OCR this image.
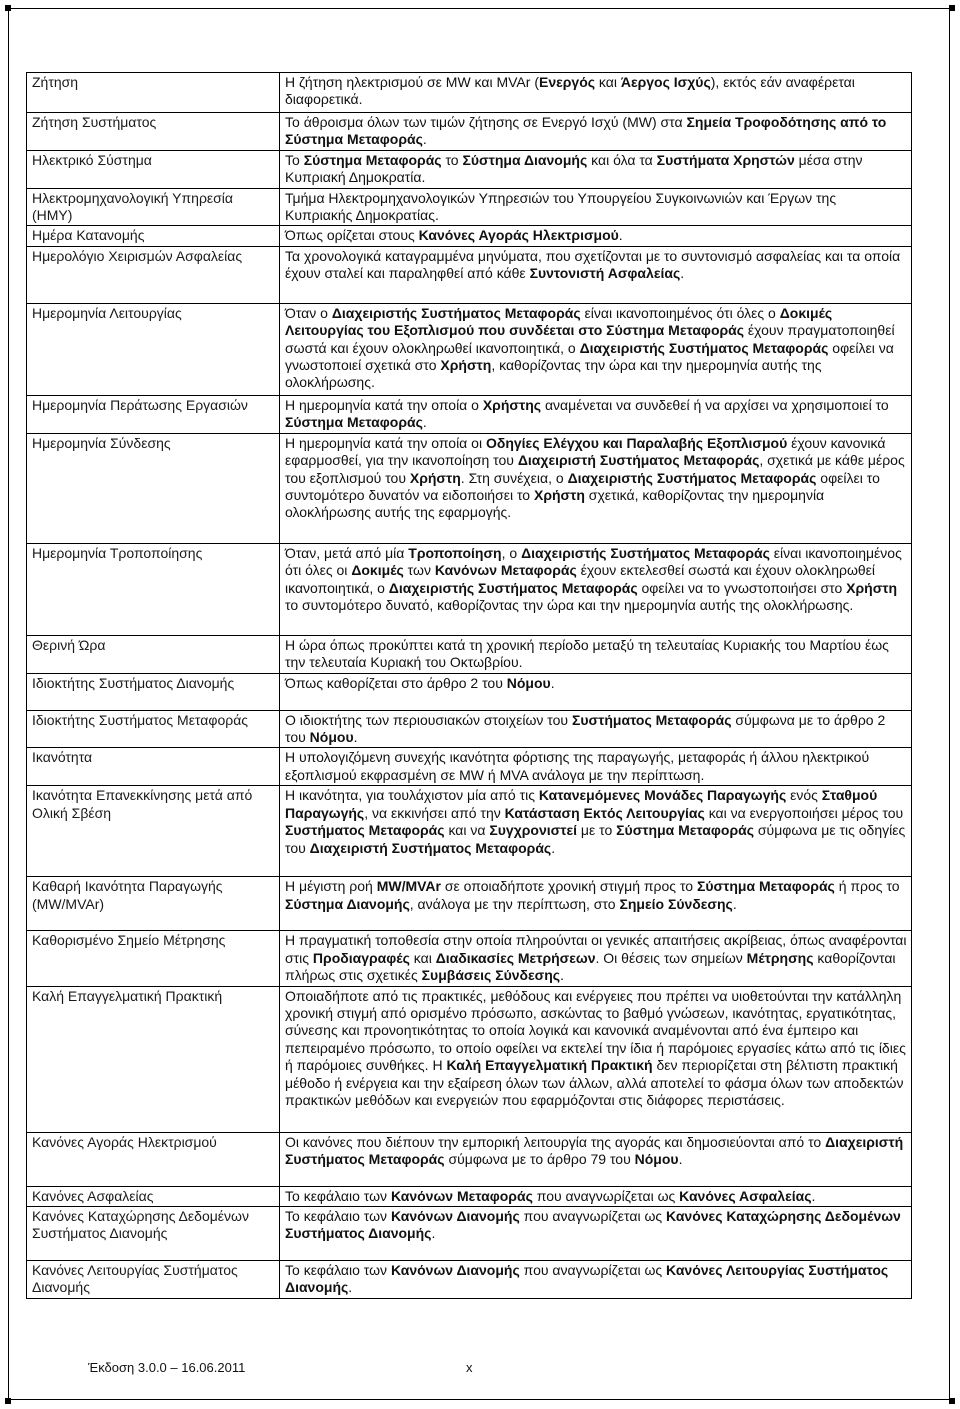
Ζήτηση	Η ζήτηση ηλεκτρισμού σε MW και MVAr (Ενεργός και Άεργος Ισχύς), εκτός εάν αναφέρεται διαφορετικά.
Ζήτηση Συστήματος	Το άθροισμα όλων των τιμών ζήτησης σε Ενεργό Ισχύ (MW) στα Σημεία Τροφοδότησης από το Σύστημα Μεταφοράς.
Ηλεκτρικό Σύστημα	Το Σύστημα Μεταφοράς το Σύστημα Διανομής και όλα τα Συστήματα Χρηστών μέσα στην Κυπριακή Δημοκρατία.
Ηλεκτρομηχανολογική Υπηρεσία (ΗΜΥ)	Τμήμα Ηλεκτρομηχανολογικών Υπηρεσιών του Υπουργείου Συγκοινωνιών και Έργων της Κυπριακής Δημοκρατίας.
Ημέρα Κατανομής	Όπως ορίζεται στους Κανόνες Αγοράς Ηλεκτρισμού.
Ημερολόγιο Χειρισμών Ασφαλείας	Τα χρονολογικά καταγραμμένα μηνύματα, που σχετίζονται με το συντονισμό ασφαλείας και τα οποία έχουν σταλεί και παραληφθεί από κάθε Συντονιστή Ασφαλείας.
Ημερομηνία Λειτουργίας	Όταν ο Διαχειριστής Συστήματος Μεταφοράς είναι ικανοποιημένος ότι όλες ο Δοκιμές Λειτουργίας του Εξοπλισμού που συνδέεται στο Σύστημα Μεταφοράς έχουν πραγματοποιηθεί σωστά και έχουν ολοκληρωθεί ικανοποιητικά, ο Διαχειριστής Συστήματος Μεταφοράς οφείλει να γνωστοποιεί σχετικά στο Χρήστη, καθορίζοντας την ώρα και την ημερομηνία αυτής της ολοκλήρωσης.
Ημερομηνία Περάτωσης Εργασιών	Η ημερομηνία κατά την οποία ο Χρήστης αναμένεται να συνδεθεί ή να αρχίσει να χρησιμοποιεί το Σύστημα Μεταφοράς.
Ημερομηνία Σύνδεσης	Η ημερομηνία κατά την οποία οι Οδηγίες Ελέγχου και Παραλαβής Εξοπλισμού έχουν κανονικά εφαρμοσθεί, για την ικανοποίηση του Διαχειριστή Συστήματος Μεταφοράς, σχετικά με κάθε μέρος του εξοπλισμού του Χρήστη. Στη συνέχεια, ο Διαχειριστής Συστήματος Μεταφοράς οφείλει το συντομότερο δυνατόν να ειδοποιήσει το Χρήστη σχετικά, καθορίζοντας την ημερομηνία ολοκλήρωσης αυτής της εφαρμογής.
Ημερομηνία Τροποποίησης	Όταν, μετά από μία Τροποποίηση, ο Διαχειριστής Συστήματος Μεταφοράς είναι ικανοποιημένος ότι όλες οι Δοκιμές των Κανόνων Μεταφοράς έχουν εκτελεσθεί σωστά και έχουν ολοκληρωθεί ικανοποιητικά, ο Διαχειριστής Συστήματος Μεταφοράς οφείλει να το γνωστοποιήσει στο Χρήστη το συντομότερο δυνατό, καθορίζοντας την ώρα και την ημερομηνία αυτής της ολοκλήρωσης.
Θερινή Ώρα	Η ώρα όπως προκύπτει κατά τη χρονική περίοδο μεταξύ τη τελευταίας Κυριακής του Μαρτίου έως την τελευταία Κυριακή του Οκτωβρίου.
Ιδιοκτήτης Συστήματος Διανομής	Όπως καθορίζεται στο άρθρο 2 του Νόμου.
Ιδιοκτήτης Συστήματος Μεταφοράς	Ο ιδιοκτήτης των περιουσιακών στοιχείων του Συστήματος Μεταφοράς σύμφωνα με το άρθρο 2 του Νόμου.
Ικανότητα	Η υπολογιζόμενη συνεχής ικανότητα φόρτισης της παραγωγής, μεταφοράς ή άλλου ηλεκτρικού εξοπλισμού εκφρασμένη σε MW ή MVA ανάλογα με την περίπτωση.
Ικανότητα Επανεκκίνησης μετά από Ολική Σβέση	Η ικανότητα, για τουλάχιστον μία από τις Κατανεμόμενες Μονάδες Παραγωγής ενός Σταθμού Παραγωγής, να εκκινήσει από την Κατάσταση Εκτός Λειτουργίας και να ενεργοποιήσει μέρος του Συστήματος Μεταφοράς και να Συγχρονιστεί με το Σύστημα Μεταφοράς σύμφωνα με τις οδηγίες του Διαχειριστή Συστήματος Μεταφοράς.
Καθαρή Ικανότητα Παραγωγής (MW/MVAr)	Η μέγιστη ροή MW/MVAr σε οποιαδήποτε χρονική στιγμή προς το Σύστημα Μεταφοράς ή προς το Σύστημα Διανομής, ανάλογα με την περίπτωση, στο Σημείο Σύνδεσης.
Καθορισμένο Σημείο Μέτρησης	Η πραγματική τοποθεσία στην οποία πληρούνται οι γενικές απαιτήσεις ακρίβειας, όπως αναφέρονται στις Προδιαγραφές και Διαδικασίες Μετρήσεων. Οι θέσεις των σημείων Μέτρησης καθορίζονται πλήρως στις σχετικές Συμβάσεις Σύνδεσης.
Καλή Επαγγελματική Πρακτική	Οποιαδήποτε από τις πρακτικές, μεθόδους και ενέργειες που πρέπει να υιοθετούνται την κατάλληλη χρονική στιγμή από ορισμένο πρόσωπο, ασκώντας το βαθμό γνώσεων, ικανότητας, εργατικότητας, σύνεσης και προνοητικότητας το οποία λογικά και κανονικά αναμένονται από ένα έμπειρο και πεπειραμένο πρόσωπο, το οποίο οφείλει να εκτελεί την ίδια ή παρόμοιες εργασίες κάτω από τις ίδιες ή παρόμοιες συνθήκες. Η Καλή Επαγγελματική Πρακτική δεν περιορίζεται στη βέλτιστη πρακτική μέθοδο ή ενέργεια και την εξαίρεση όλων των άλλων, αλλά αποτελεί το φάσμα όλων των αποδεκτών πρακτικών μεθόδων και ενεργειών που εφαρμόζονται στις διάφορες περιστάσεις.
Κανόνες Αγοράς Ηλεκτρισμού	Οι κανόνες που διέπουν την εμπορική λειτουργία της αγοράς και δημοσιεύονται από το Διαχειριστή Συστήματος Μεταφοράς σύμφωνα με το άρθρο 79 του Νόμου.
Κανόνες Ασφαλείας	Το κεφάλαιο των Κανόνων Μεταφοράς που αναγνωρίζεται ως Κανόνες Ασφαλείας.
Κανόνες Καταχώρησης Δεδομένων Συστήματος Διανομής	Το κεφάλαιο των Κανόνων Διανομής που αναγνωρίζεται ως Κανόνες Καταχώρησης Δεδομένων Συστήματος Διανομής.
Κανόνες Λειτουργίας Συστήματος Διανομής	Το κεφάλαιο των Κανόνων Διανομής που αναγνωρίζεται ως Κανόνες Λειτουργίας Συστήματος Διανομής.
Έκδοση 3.0.0 – 16.06.2011	x
